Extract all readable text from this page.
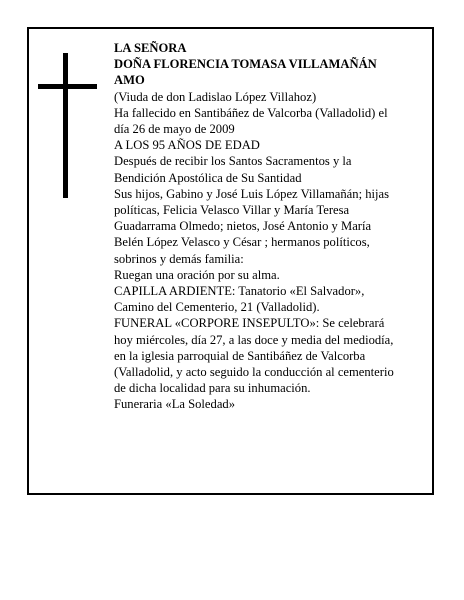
LA SEÑORA
DOÑA FLORENCIA TOMASA VILLAMAÑÁN
AMO
(Viuda de don Ladislao López Villahoz)
Ha fallecido en Santibáñez de Valcorba (Valladolid) el
día 26 de mayo de 2009
A LOS 95 AÑOS DE EDAD
Después de recibir los Santos Sacramentos y la
Bendición Apostólica de Su Santidad
Sus hijos, Gabino y José Luis López Villamañán; hijas
políticas, Felicia Velasco Villar y María Teresa
Guadarrama Olmedo; nietos, José Antonio y María
Belén López Velasco y César ; hermanos políticos,
sobrinos y demás familia:
Ruegan una oración por su alma.
CAPILLA ARDIENTE: Tanatorio «El Salvador»,
Camino del Cementerio, 21 (Valladolid).
FUNERAL «CORPORE INSEPULTO»: Se celebrará
hoy miércoles, día 27, a las doce y media del mediodía,
en la iglesia parroquial de Santibáñez de Valcorba
(Valladolid, y acto seguido la conducción al cementerio
de dicha localidad para su inhumación.
Funeraria «La Soledad»
